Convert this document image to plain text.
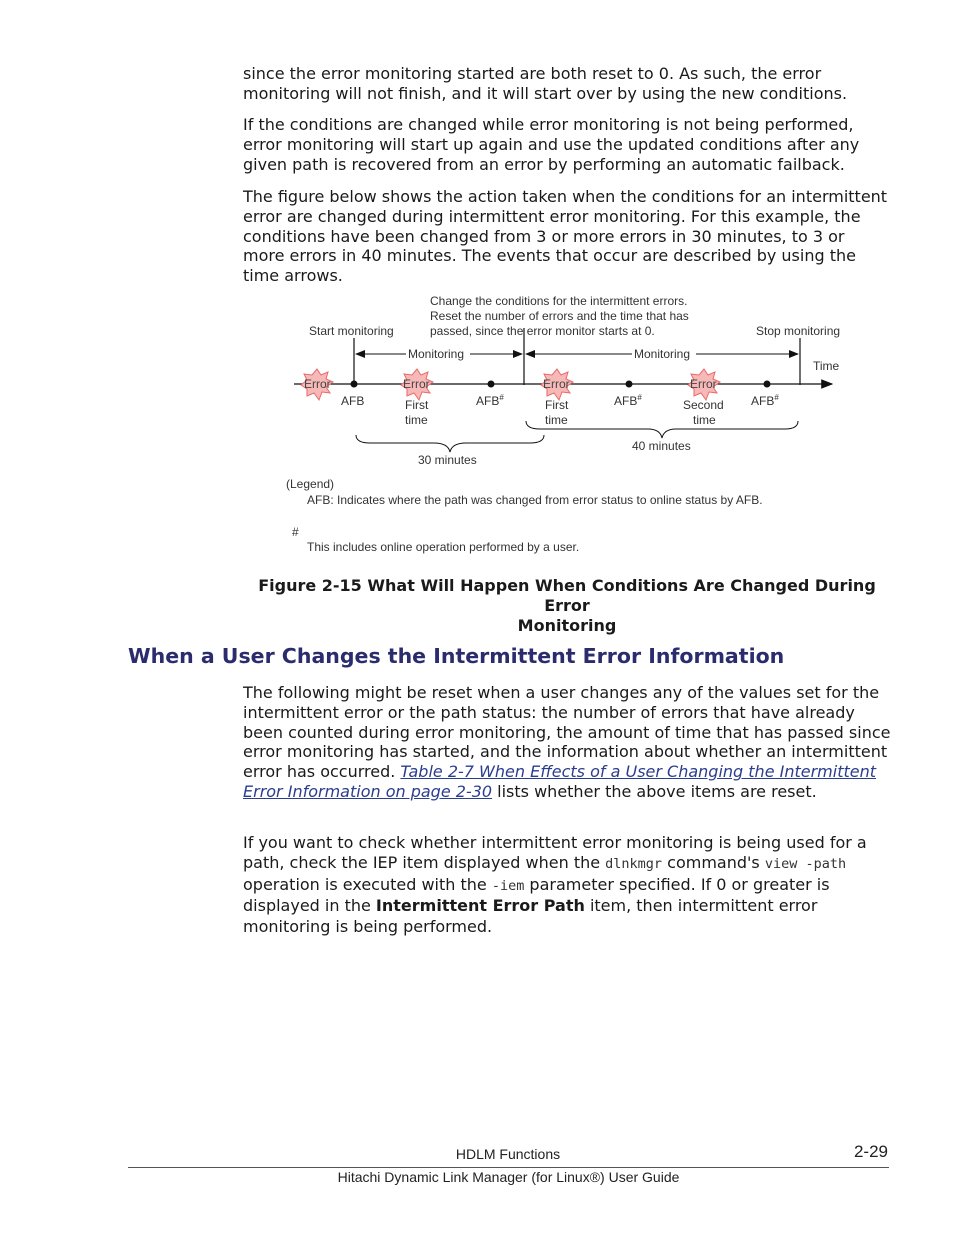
since the error monitoring started are both reset to 0. As such, the error monitoring will not finish, and it will start over by using the new conditions.

If the conditions are changed while error monitoring is not being performed, error monitoring will start up again and use the updated conditions after any given path is recovered from an error by performing an automatic failback.

The figure below shows the action taken when the conditions for an intermittent error are changed during intermittent error monitoring. For this example, the conditions have been changed from 3 or more errors in 30 minutes, to 3 or more errors in 40 minutes. The events that occur are described by using the time arrows.

Change the conditions for the intermittent errors.
Reset the number of errors and the time that has
passed, since the error monitor starts at 0.
Start monitoring	Stop monitoring
Monitoring	Monitoring
Time
Error	Error	Error	Error
AFB	AFB#	AFB#	AFB#
First
time
First
time
Second
time
30 minutes
40 minutes
(Legend)
AFB: Indicates where the path was changed from error status to online status by AFB.
#
This includes online operation performed by a user.

Figure 2-15 What Will Happen When Conditions Are Changed During Error
Monitoring

When a User Changes the Intermittent Error Information

The following might be reset when a user changes any of the values set for the intermittent error or the path status: the number of errors that have already been counted during error monitoring, the amount of time that has passed since error monitoring has started, and the information about whether an intermittent error has occurred. Table 2-7 When Effects of a User Changing the Intermittent Error Information on page 2-30 lists whether the above items are reset.

If you want to check whether intermittent error monitoring is being used for a path, check the IEP item displayed when the dlnkmgr command's view -path operation is executed with the -iem parameter specified. If 0 or greater is displayed in the Intermittent Error Path item, then intermittent error monitoring is being performed.

HDLM Functions	2-29
Hitachi Dynamic Link Manager (for Linux®) User Guide
